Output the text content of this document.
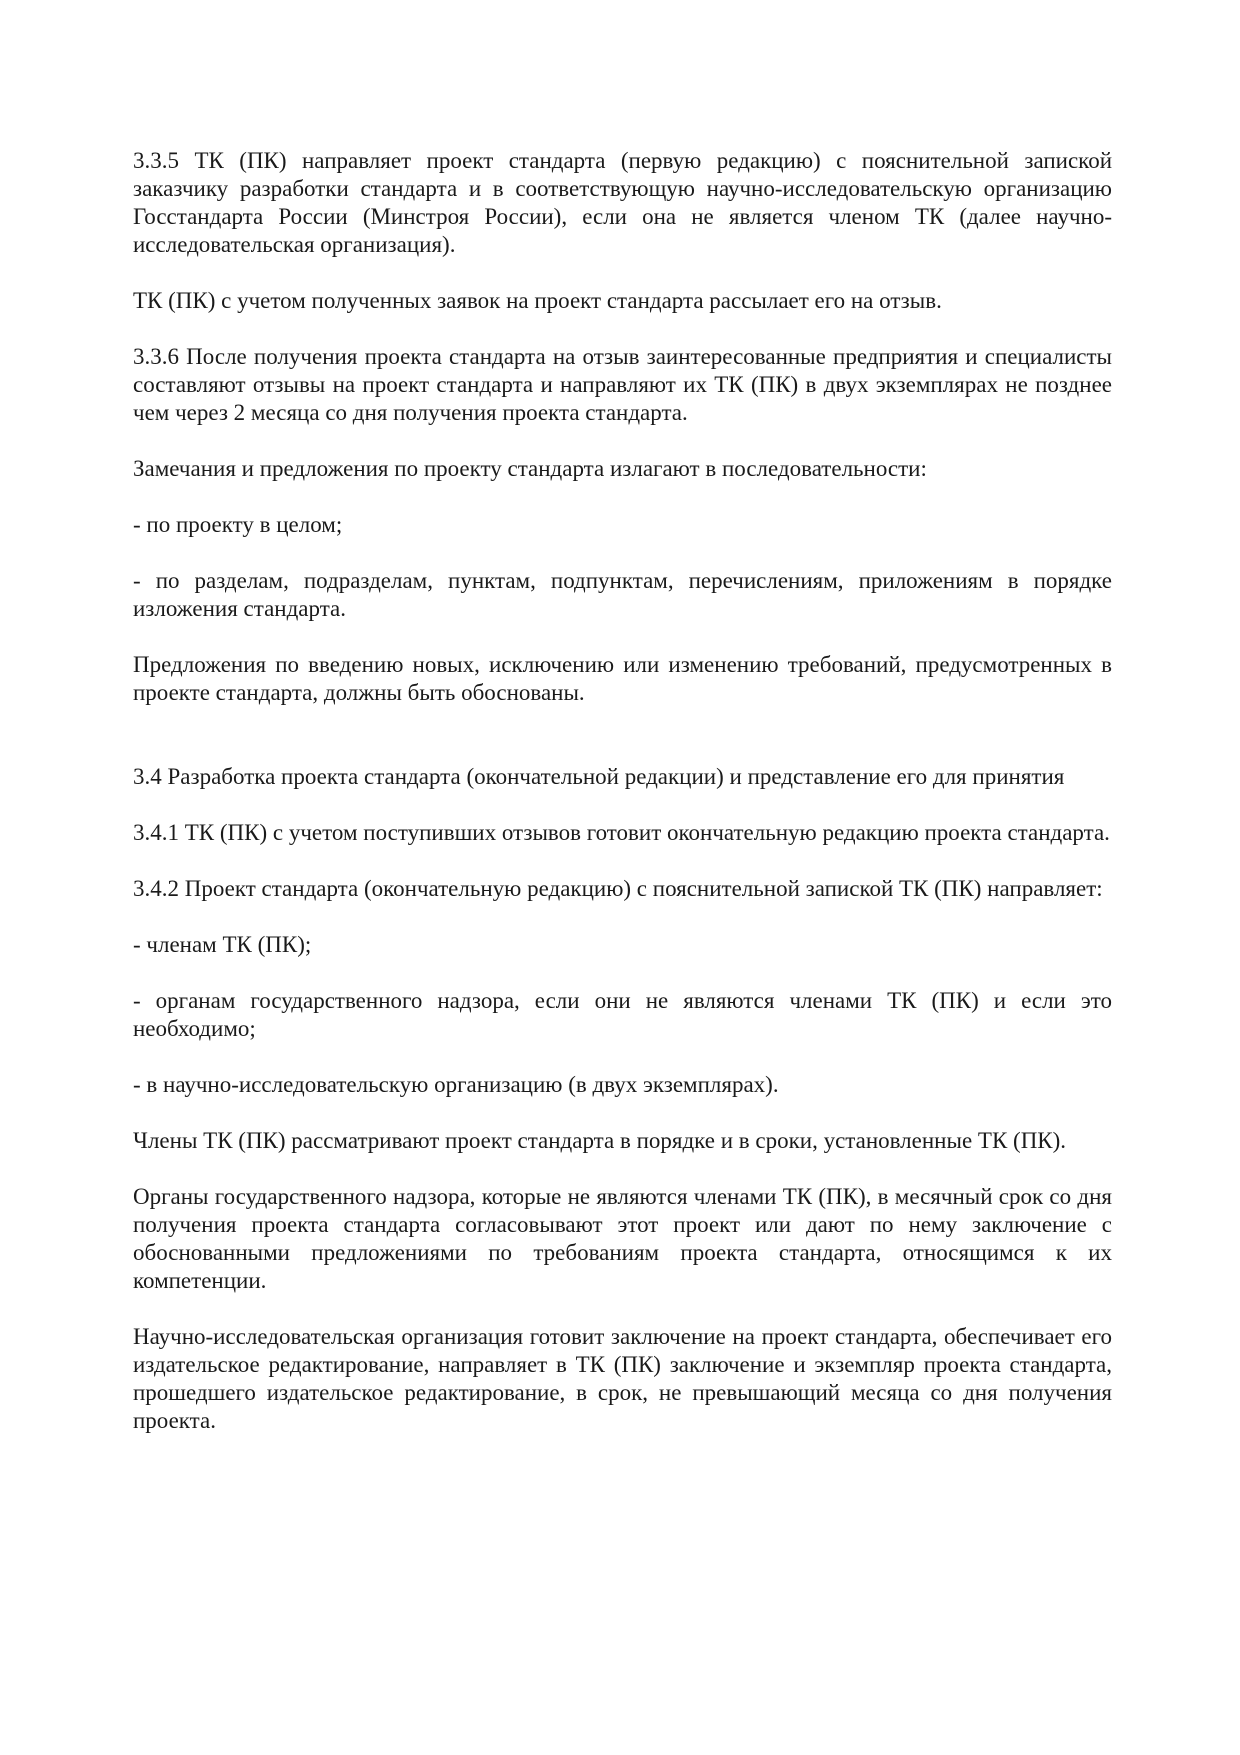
3.3.5 ТК (ПК) направляет проект стандарта (первую редакцию) с пояснительной запиской заказчику разработки стандарта и в соответствующую научно-исследовательскую организацию Госстандарта России (Минстроя России), если она не является членом ТК (далее научно-исследовательская организация).

ТК (ПК) с учетом полученных заявок на проект стандарта рассылает его на отзыв.

3.3.6 После получения проекта стандарта на отзыв заинтересованные предприятия и специалисты составляют отзывы на проект стандарта и направляют их ТК (ПК) в двух экземплярах не позднее чем через 2 месяца со дня получения проекта стандарта.

Замечания и предложения по проекту стандарта излагают в последовательности:

- по проекту в целом;

- по разделам, подразделам, пунктам, подпунктам, перечислениям, приложениям в порядке изложения стандарта.

Предложения по введению новых, исключению или изменению требований, предусмотренных в проекте стандарта, должны быть обоснованы.

3.4 Разработка проекта стандарта (окончательной редакции) и представление его для принятия

3.4.1 ТК (ПК) с учетом поступивших отзывов готовит окончательную редакцию проекта стандарта.

3.4.2 Проект стандарта (окончательную редакцию) с пояснительной запиской ТК (ПК) направляет:

- членам ТК (ПК);

- органам государственного надзора, если они не являются членами ТК (ПК) и если это необходимо;

- в научно-исследовательскую организацию (в двух экземплярах).

Члены ТК (ПК) рассматривают проект стандарта в порядке и в сроки, установленные ТК (ПК).

Органы государственного надзора, которые не являются членами ТК (ПК), в месячный срок со дня получения проекта стандарта согласовывают этот проект или дают по нему заключение с обоснованными предложениями по требованиям проекта стандарта, относящимся к их компетенции.

Научно-исследовательская организация готовит заключение на проект стандарта, обеспечивает его издательское редактирование, направляет в ТК (ПК) заключение и экземпляр проекта стандарта, прошедшего издательское редактирование, в срок, не превышающий месяца со дня получения проекта.
